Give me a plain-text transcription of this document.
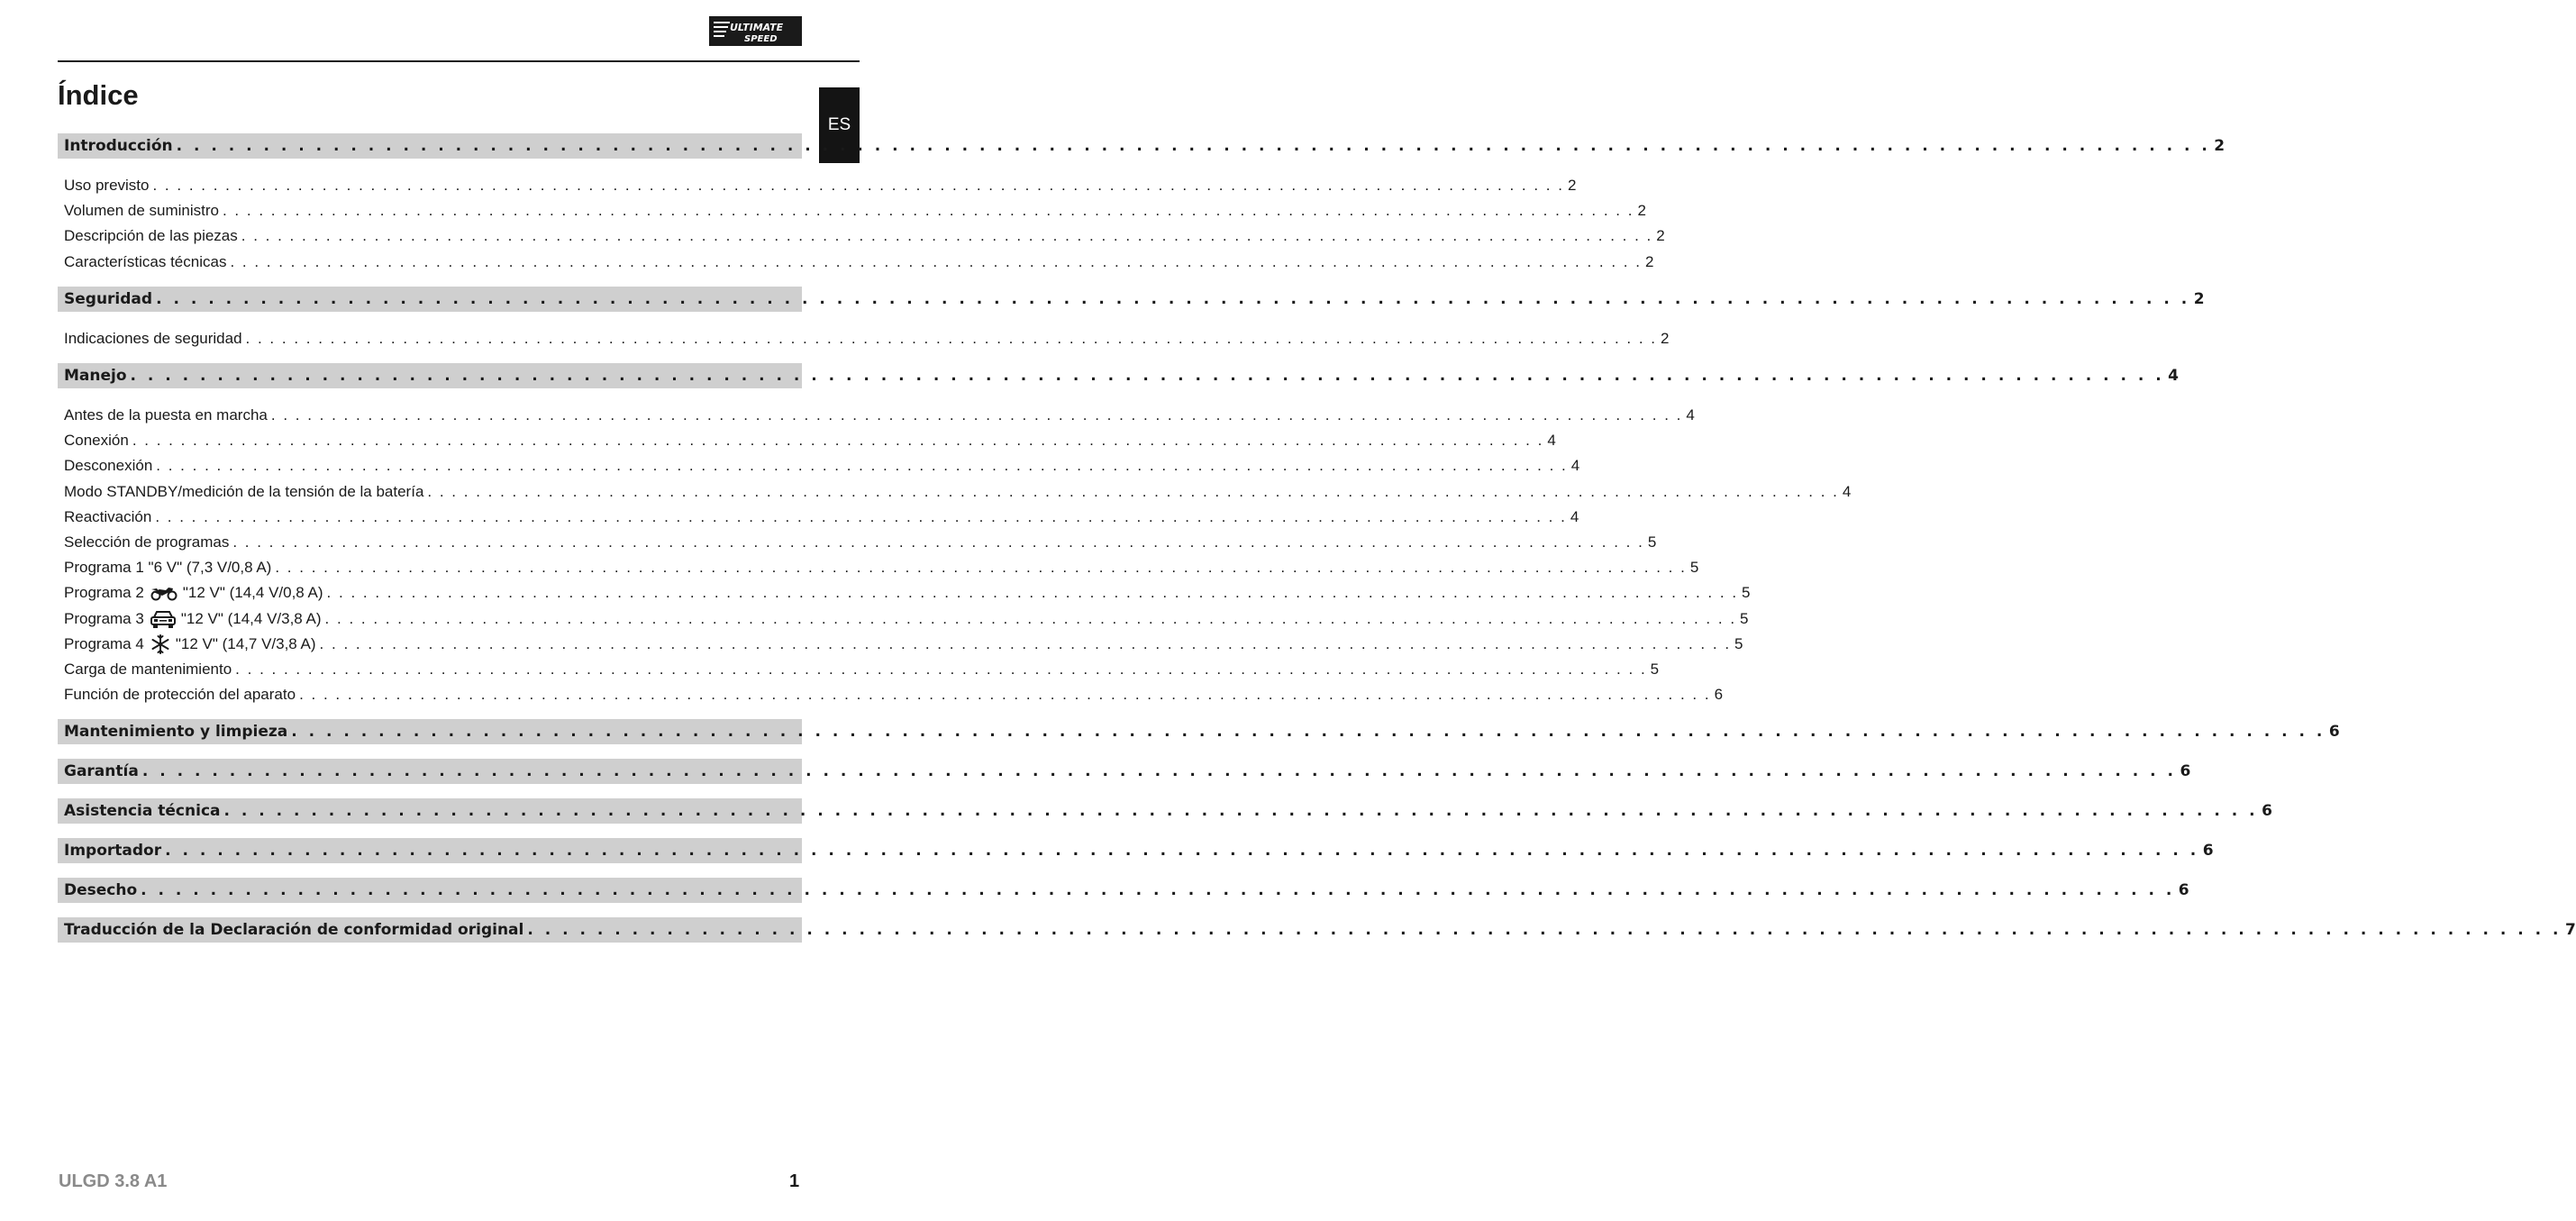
ULTIMATE
SPEED
ES
Índice
Introducción . . . . . . . . . . . . . . . . . . . . . . . . . . . . . . . . . . . . . . . . . . . . . . . . . . . . . . . . . . . . . . . . . . . . . . . . . . . . . . . . . . . . . . . . . . . . . . . . . . . . . . . . . . . . . . . . . . . . . 2
Uso previsto . . . . . . . . . . . . . . . . . . . . . . . . . . . . . . . . . . . . . . . . . . . . . . . . . . . . . . . . . . . . . . . . . . . . . . . . . . . . . . . . . . . . . . . . . . . . . . . . . . . . . . . . . . . . . . . . . . . . . 2
Volumen de suministro . . . . . . . . . . . . . . . . . . . . . . . . . . . . . . . . . . . . . . . . . . . . . . . . . . . . . . . . . . . . . . . . . . . . . . . . . . . . . . . . . . . . . . . . . . . . . . . . . . . . . . . . . . . . . . . . . . . . . 2
Descripción de las piezas . . . . . . . . . . . . . . . . . . . . . . . . . . . . . . . . . . . . . . . . . . . . . . . . . . . . . . . . . . . . . . . . . . . . . . . . . . . . . . . . . . . . . . . . . . . . . . . . . . . . . . . . . . . . . . . . . . . . . 2
Características técnicas . . . . . . . . . . . . . . . . . . . . . . . . . . . . . . . . . . . . . . . . . . . . . . . . . . . . . . . . . . . . . . . . . . . . . . . . . . . . . . . . . . . . . . . . . . . . . . . . . . . . . . . . . . . . . . . . . . . . . 2
Seguridad . . . . . . . . . . . . . . . . . . . . . . . . . . . . . . . . . . . . . . . . . . . . . . . . . . . . . . . . . . . . . . . . . . . . . . . . . . . . . . . . . . . . . . . . . . . . . . . . . . . . . . . . . . . . . . . . . . . . . 2
Indicaciones de seguridad . . . . . . . . . . . . . . . . . . . . . . . . . . . . . . . . . . . . . . . . . . . . . . . . . . . . . . . . . . . . . . . . . . . . . . . . . . . . . . . . . . . . . . . . . . . . . . . . . . . . . . . . . . . . . . . . . . . . . 2
Manejo . . . . . . . . . . . . . . . . . . . . . . . . . . . . . . . . . . . . . . . . . . . . . . . . . . . . . . . . . . . . . . . . . . . . . . . . . . . . . . . . . . . . . . . . . . . . . . . . . . . . . . . . . . . . . . . . . . . . . 4
Antes de la puesta en marcha . . . . . . . . . . . . . . . . . . . . . . . . . . . . . . . . . . . . . . . . . . . . . . . . . . . . . . . . . . . . . . . . . . . . . . . . . . . . . . . . . . . . . . . . . . . . . . . . . . . . . . . . . . . . . . . . . . . . . 4
Conexión . . . . . . . . . . . . . . . . . . . . . . . . . . . . . . . . . . . . . . . . . . . . . . . . . . . . . . . . . . . . . . . . . . . . . . . . . . . . . . . . . . . . . . . . . . . . . . . . . . . . . . . . . . . . . . . . . . . . . 4
Desconexión . . . . . . . . . . . . . . . . . . . . . . . . . . . . . . . . . . . . . . . . . . . . . . . . . . . . . . . . . . . . . . . . . . . . . . . . . . . . . . . . . . . . . . . . . . . . . . . . . . . . . . . . . . . . . . . . . . . . . 4
Modo STANDBY/medición de la tensión de la batería . . . . . . . . . . . . . . . . . . . . . . . . . . . . . . . . . . . . . . . . . . . . . . . . . . . . . . . . . . . . . . . . . . . . . . . . . . . . . . . . . . . . . . . . . . . . . . . . . . . . . . . . . . . . . . . . . . . . . 4
Reactivación . . . . . . . . . . . . . . . . . . . . . . . . . . . . . . . . . . . . . . . . . . . . . . . . . . . . . . . . . . . . . . . . . . . . . . . . . . . . . . . . . . . . . . . . . . . . . . . . . . . . . . . . . . . . . . . . . . . . . 4
Selección de programas . . . . . . . . . . . . . . . . . . . . . . . . . . . . . . . . . . . . . . . . . . . . . . . . . . . . . . . . . . . . . . . . . . . . . . . . . . . . . . . . . . . . . . . . . . . . . . . . . . . . . . . . . . . . . . . . . . . . . 5
Programa 1 "6 V" (7,3 V/0,8 A) . . . . . . . . . . . . . . . . . . . . . . . . . . . . . . . . . . . . . . . . . . . . . . . . . . . . . . . . . . . . . . . . . . . . . . . . . . . . . . . . . . . . . . . . . . . . . . . . . . . . . . . . . . . . . . . . . . . . . 5
Programa 2	"12 V" (14,4 V/0,8 A) . . . . . . . . . . . . . . . . . . . . . . . . . . . . . . . . . . . . . . . . . . . . . . . . . . . . . . . . . . . . . . . . . . . . . . . . . . . . . . . . . . . . . . . . . . . . . . . . . . . . . . . . . . . . . . . . . . . . . 5
Programa 3 "12 V" (14,4 V/3,8 A) . . . . . . . . . . . . . . . . . . . . . . . . . . . . . . . . . . . . . . . . . . . . . . . . . . . . . . . . . . . . . . . . . . . . . . . . . . . . . . . . . . . . . . . . . . . . . . . . . . . . . . . . . . . . . . . . . . . . . 5
Programa 4 "12 V" (14,7 V/3,8 A) . . . . . . . . . . . . . . . . . . . . . . . . . . . . . . . . . . . . . . . . . . . . . . . . . . . . . . . . . . . . . . . . . . . . . . . . . . . . . . . . . . . . . . . . . . . . . . . . . . . . . . . . . . . . . . . . . . . . . 5
Carga de mantenimiento . . . . . . . . . . . . . . . . . . . . . . . . . . . . . . . . . . . . . . . . . . . . . . . . . . . . . . . . . . . . . . . . . . . . . . . . . . . . . . . . . . . . . . . . . . . . . . . . . . . . . . . . . . . . . . . . . . . . . 5
Función de protección del aparato . . . . . . . . . . . . . . . . . . . . . . . . . . . . . . . . . . . . . . . . . . . . . . . . . . . . . . . . . . . . . . . . . . . . . . . . . . . . . . . . . . . . . . . . . . . . . . . . . . . . . . . . . . . . . . . . . . . . . 6
Mantenimiento y limpieza . . . . . . . . . . . . . . . . . . . . . . . . . . . . . . . . . . . . . . . . . . . . . . . . . . . . . . . . . . . . . . . . . . . . . . . . . . . . . . . . . . . . . . . . . . . . . . . . . . . . . . . . . . . . . . . . . . . . . 6
Garantía . . . . . . . . . . . . . . . . . . . . . . . . . . . . . . . . . . . . . . . . . . . . . . . . . . . . . . . . . . . . . . . . . . . . . . . . . . . . . . . . . . . . . . . . . . . . . . . . . . . . . . . . . . . . . . . . . . . . . 6
Asistencia técnica . . . . . . . . . . . . . . . . . . . . . . . . . . . . . . . . . . . . . . . . . . . . . . . . . . . . . . . . . . . . . . . . . . . . . . . . . . . . . . . . . . . . . . . . . . . . . . . . . . . . . . . . . . . . . . . . . . . . . 6
Importador . . . . . . . . . . . . . . . . . . . . . . . . . . . . . . . . . . . . . . . . . . . . . . . . . . . . . . . . . . . . . . . . . . . . . . . . . . . . . . . . . . . . . . . . . . . . . . . . . . . . . . . . . . . . . . . . . . . . . 6
Desecho . . . . . . . . . . . . . . . . . . . . . . . . . . . . . . . . . . . . . . . . . . . . . . . . . . . . . . . . . . . . . . . . . . . . . . . . . . . . . . . . . . . . . . . . . . . . . . . . . . . . . . . . . . . . . . . . . . . . . 6
Traducción de la Declaración de conformidad original . . . . . . . . . . . . . . . . . . . . . . . . . . . . . . . . . . . . . . . . . . . . . . . . . . . . . . . . . . . . . . . . . . . . . . . . . . . . . . . . . . . . . . . . . . . . . . . . . . . . . . . . . . . . . . . . . . . . . 7
ULGD 3.8 A1	1
